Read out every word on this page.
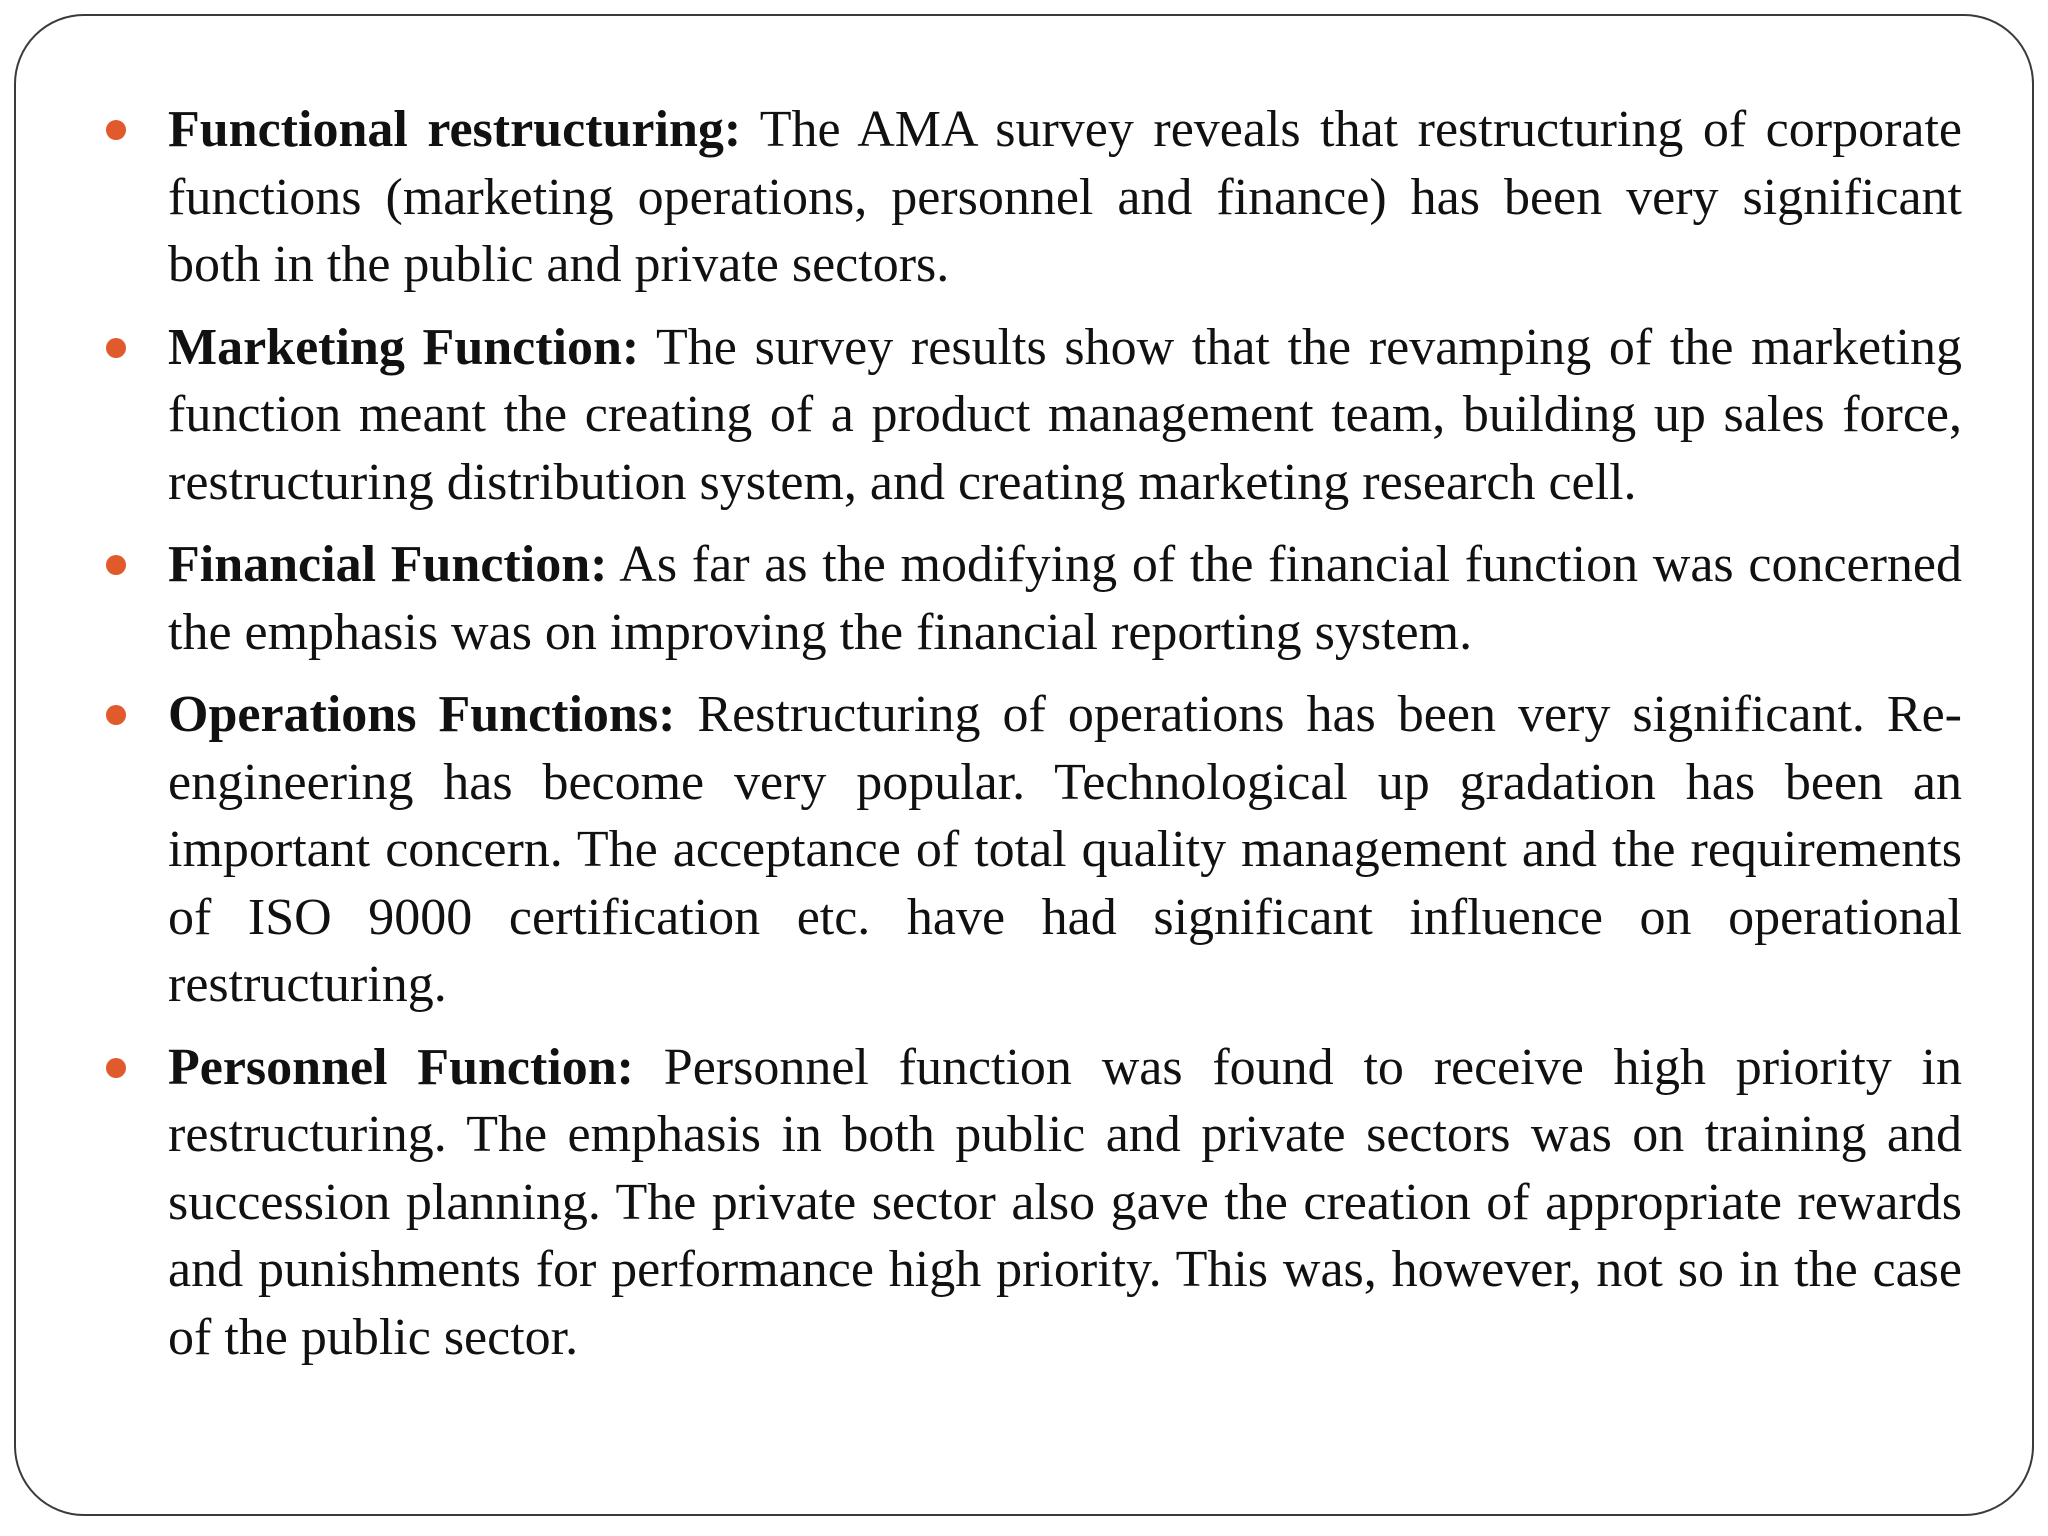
Functional restructuring: The AMA survey reveals that restructuring of corporate functions (marketing operations, personnel and finance) has been very significant both in the public and private sectors.
Marketing Function: The survey results show that the revamping of the marketing function meant the creating of a product management team, building up sales force, restructuring distribution system, and creating marketing research cell.
Financial Function: As far as the modifying of the financial function was concerned the emphasis was on improving the financial reporting system.
Operations Functions: Restructuring of operations has been very significant. Re-engineering has become very popular. Technological up gradation has been an important concern. The acceptance of total quality management and the requirements of ISO 9000 certification etc. have had significant influence on operational restructuring.
Personnel Function: Personnel function was found to receive high priority in restructuring. The emphasis in both public and private sectors was on training and succession planning. The private sector also gave the creation of appropriate rewards and punishments for performance high priority. This was, however, not so in the case of the public sector.
